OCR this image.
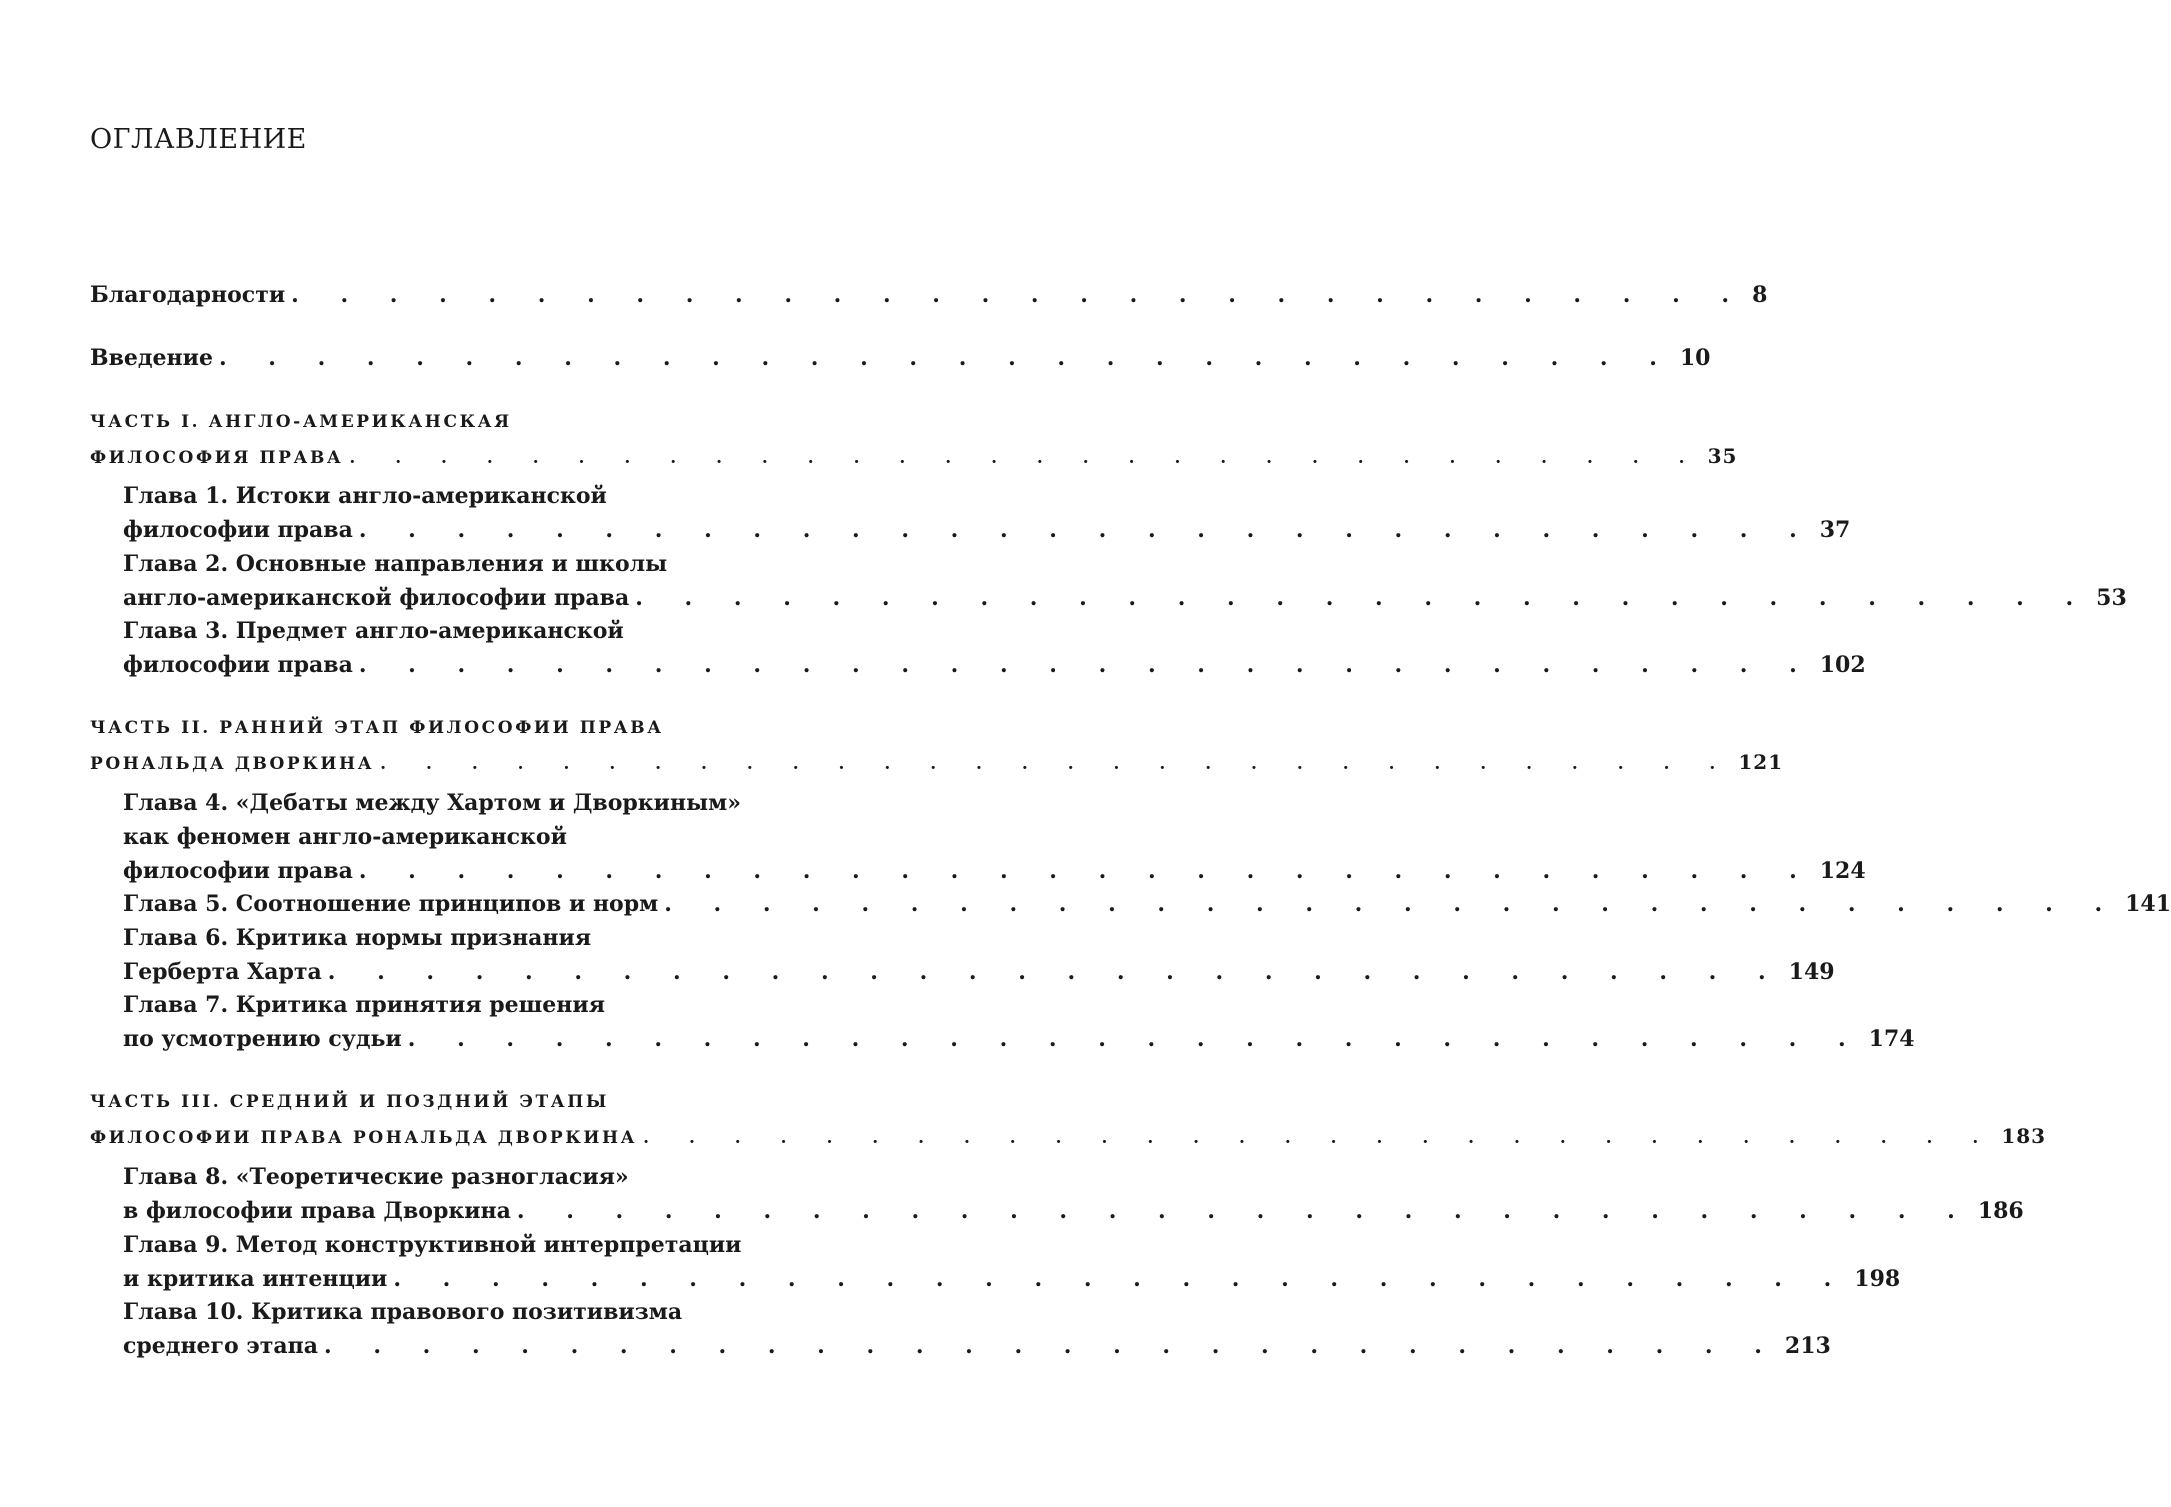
ОГЛАВЛЕНИЕ
Благодарности . . . . . . . . . . . . . . . . . . . . . . . . . . . . . . 8
Введение . . . . . . . . . . . . . . . . . . . . . . . . . . . . . . 10
ЧАСТЬ I. АНГЛО-АМЕРИКАНСКАЯ
ФИЛОСОФИЯ ПРАВА . . . . . . . . . . . . . . . . . . . . . . . . . . . . . . 35
Глава 1. Истоки англо-американской
философии права . . . . . . . . . . . . . . . . . . . . . . . . . . . . . . 37
Глава 2. Основные направления и школы
англо-американской философии права . . . . . . . . . . . . . . . . . . . . . . . . . . . . . . 53
Глава 3. Предмет англо-американской
философии права . . . . . . . . . . . . . . . . . . . . . . . . . . . . . . 102
ЧАСТЬ II. РАННИЙ ЭТАП ФИЛОСОФИИ ПРАВА
РОНАЛЬДА ДВОРКИНА . . . . . . . . . . . . . . . . . . . . . . . . . . . . . . 121
Глава 4. «Дебаты между Хартом и Дворкиным»
как феномен англо-американской
философии права . . . . . . . . . . . . . . . . . . . . . . . . . . . . . . 124
Глава 5. Соотношение принципов и норм . . . . . . . . . . . . . . . . . . . . . . . . . . . . . . 141
Глава 6. Критика нормы признания
Герберта Харта . . . . . . . . . . . . . . . . . . . . . . . . . . . . . . 149
Глава 7. Критика принятия решения
по усмотрению судьи . . . . . . . . . . . . . . . . . . . . . . . . . . . . . . 174
ЧАСТЬ III. СРЕДНИЙ И ПОЗДНИЙ ЭТАПЫ
ФИЛОСОФИИ ПРАВА РОНАЛЬДА ДВОРКИНА . . . . . . . . . . . . . . . . . . . . . . . . . . . . . . 183
Глава 8. «Теоретические разногласия»
в философии права Дворкина . . . . . . . . . . . . . . . . . . . . . . . . . . . . . . 186
Глава 9. Метод конструктивной интерпретации
и критика интенции . . . . . . . . . . . . . . . . . . . . . . . . . . . . . . 198
Глава 10. Критика правового позитивизма
среднего этапа . . . . . . . . . . . . . . . . . . . . . . . . . . . . . . 213
